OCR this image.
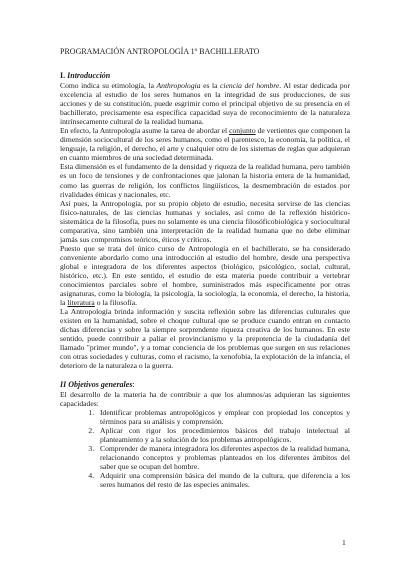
PROGRAMACIÓN ANTROPOLOGÍA 1º BACHILLERATO
I. Introducción

Como indica su etimología, la Anthropologia es la ciencia del hombre. Al estar dedicada por excelencia al estudio de los seres humanos en la integridad de sus producciones, de sus acciones y de su constitución, puede esgrimir como el principal objetivo de su presencia en el bachillerato, precisamente esa específica capacidad suya de reconocimiento de la naturaleza intrínsecamente cultural de la realidad humana.

En efecto, la Antropología asume la tarea de abordar el conjunto de vertientes que componen la dimensión sociocultural de los seres humanos, como el parentesco, la economía, la política, el lenguaje, la religión, el derecho, el arte y cualquier otro de los sistemas de reglas que adquieran en cuanto miembros de una sociedad determinada.

Esta dimensión es el fundamento de la densidad y riqueza de la realidad humana, pero también es un foco de tensiones y de confrontaciones que jalonan la historia entera de la humanidad, como las guerras de religión, los conflictos lingüísticos, la desmembración de estados por rivalidades étnicas y nacionales, etc.

Así pues, la Antropología, por su propio objeto de estudio, necesita servirse de las ciencias físico-naturales, de las ciencias humanas y sociales, así como de la reflexión histórico-sistemática de la filosofía, pues no solamente es una ciencia filosóficobiológica y sociocultural comparativa, sino también una interpretación de la realidad humana que no debe eliminar jamás sus compromisos teóricos, éticos y críticos.

Puesto que se trata del único curso de Antropología en el bachillerato, se ha considerado conveniente abordarlo como una introducción al estudio del hombre, desde una perspectiva global e integradora de los diferentes aspectos (biológico, psicológico, social, cultural, histórico, etc.). En este sentido, el estudio de esta materia puede contribuir a vertebrar conocimientos parciales sobre el hombre, suministrados más específicamente por otras asignaturas, como la biología, la psicología, la sociología, la economía, el derecho, la historia, la literatura o la filosofía.

La Antropología brinda información y suscita reflexión sobre las diferencias culturales que existen en la humanidad, sobre el choque cultural que se produce cuando entran en contacto dichas diferencias y sobre la siempre sorprendente riqueza creativa de los humanos. En este sentido, puede contribuir a paliar el provincianismo y la prepotencia de la ciudadanía del llamado "primer mundo", y a tomar conciencia de los problemas que surgen en sus relaciones con otras sociedades y culturas, como el racismo, la xenofobia, la explotación de la infancia, el deterioro de la naturaleza o la guerra.

II Objetivos generales:

El desarrollo de la materia ha de contribuir a que los alumnos/as adquieran las siguientes capacidades:

1. Identificar problemas antropológicos y emplear con propiedad los conceptos y términos para su análisis y comprensión.
2. Aplicar con rigor los procedimientos básicos del trabajo intelectual al planteamiento y a la solución de los problemas antropológicos.
3. Comprender de manera integradora los diferentes aspectos de la realidad humana, relacionando conceptos y problemas planteados en los diferentes ámbitos del saber que se ocupan del hombre.
4. Adquirir una comprensión básica del mundo de la cultura, que diferencia a los seres humanos del resto de las especies animales.
1
